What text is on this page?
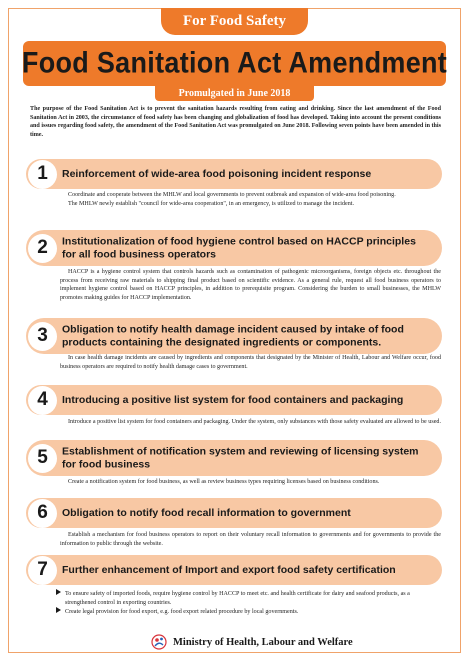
For Food Safety
Food Sanitation Act Amendment
Promulgated in June 2018
The purpose of the Food Sanitation Act is to prevent the sanitation hazards resulting from eating and drinking. Since the last amendment of the Food Sanitation Act in 2003, the circumstance of food safety has been changing and globalization of food has developed. Taking into account the present conditions and issues regarding food safety, the amendment of the Food Sanitation Act was promulgated on June 2018. Following seven points have been amended in this time.
1	Reinforcement of wide-area food poisoning incident response

Coordinate and cooperate between the MHLW and local governments to prevent outbreak and expansion of wide-area food poisoning.

The MHLW newly establish "council for wide-area cooperation", in an emergency, is utilized to manage the incident.

2	Institutionalization of food hygiene control based on HACCP principles for all food business operators

HACCP is a hygiene control system that controls hazards such as contamination of pathogenic microorganisms, foreign objects etc. throughout the process from receiving raw materials to shipping final product based on scientific evidence. As a general rule, request all food business operators to implement hygiene control based on HACCP principles, in addition to prerequisite program. Considering the burden to small businesses, the MHLW promotes making guides for HACCP implementation.

3	Obligation to notify health damage incident caused by intake of food products containing the designated ingredients or components.

In case health damage incidents are caused by ingredients and components that designated by the Minister of Health, Labour and Welfare occur, food business operators are required to notify health damage cases to government.

4	Introducing a positive list system for food containers and packaging

Introduce a positive list system for food containers and packaging. Under the system, only substances with those safety evaluated are allowed to be used.

5	Establishment of notification system and reviewing of licensing system for food business

Create a notification system for food business, as well as review business types requiring licenses based on business conditions.

6	Obligation to notify food recall information to government

Establish a mechanism for food business operators to report on their voluntary recall information to governments and for governments to provide the information to public through the website.

7	Further enhancement of Import and export food safety certification
To ensure safety of imported foods, require hygiene control by HACCP to meet etc. and health certificate for dairy and seafood products, as a strengthened control in exporting countries.
Create legal provision for food export, e.g. food export related procedure by local governments.
Ministry of Health, Labour and Welfare
